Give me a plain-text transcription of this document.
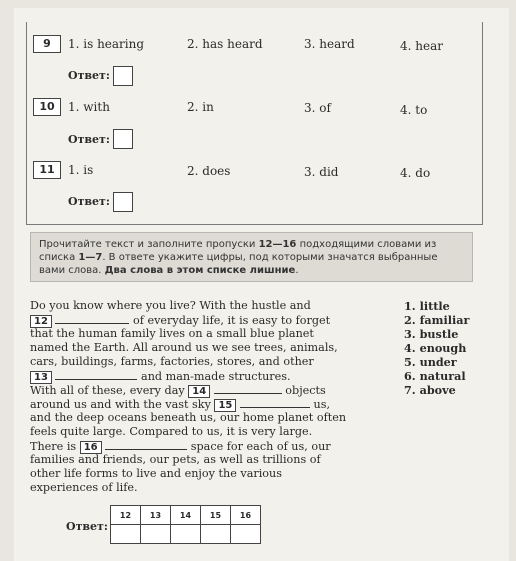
9	1. is hearing	2. has heard	3. heard	4. hear
Ответ:
10	1. with	2. in	3. of	4. to
Ответ:
11	1. is	2. does	3. did	4. do
Ответ:
Прочитайте текст и заполните пропуски 12—16 подходящими словами из списка 1—7. В ответе укажите цифры, под которыми значатся выбранные вами слова. Два слова в этом списке лишние.
Do you know where you live? With the hustle and
12	of everyday life, it is easy to forget
that the human family lives on a small blue planet
named the Earth. All around us we see trees, animals,
cars, buildings, farms, factories, stores, and other
13	and man-made structures.
With all of these, every day 14	objects
around us and with the vast sky 15	us,
and the deep oceans beneath us, our home planet often
feels quite large. Compared to us, it is very large.
There is 16	space for each of us, our
families and friends, our pets, as well as trillions of
other life forms to live and enjoy the various
experiences of life.
1. little
2. familiar
3. bustle
4. enough
5. under
6. natural
7. above
Ответ:
12	13	14	15	16
